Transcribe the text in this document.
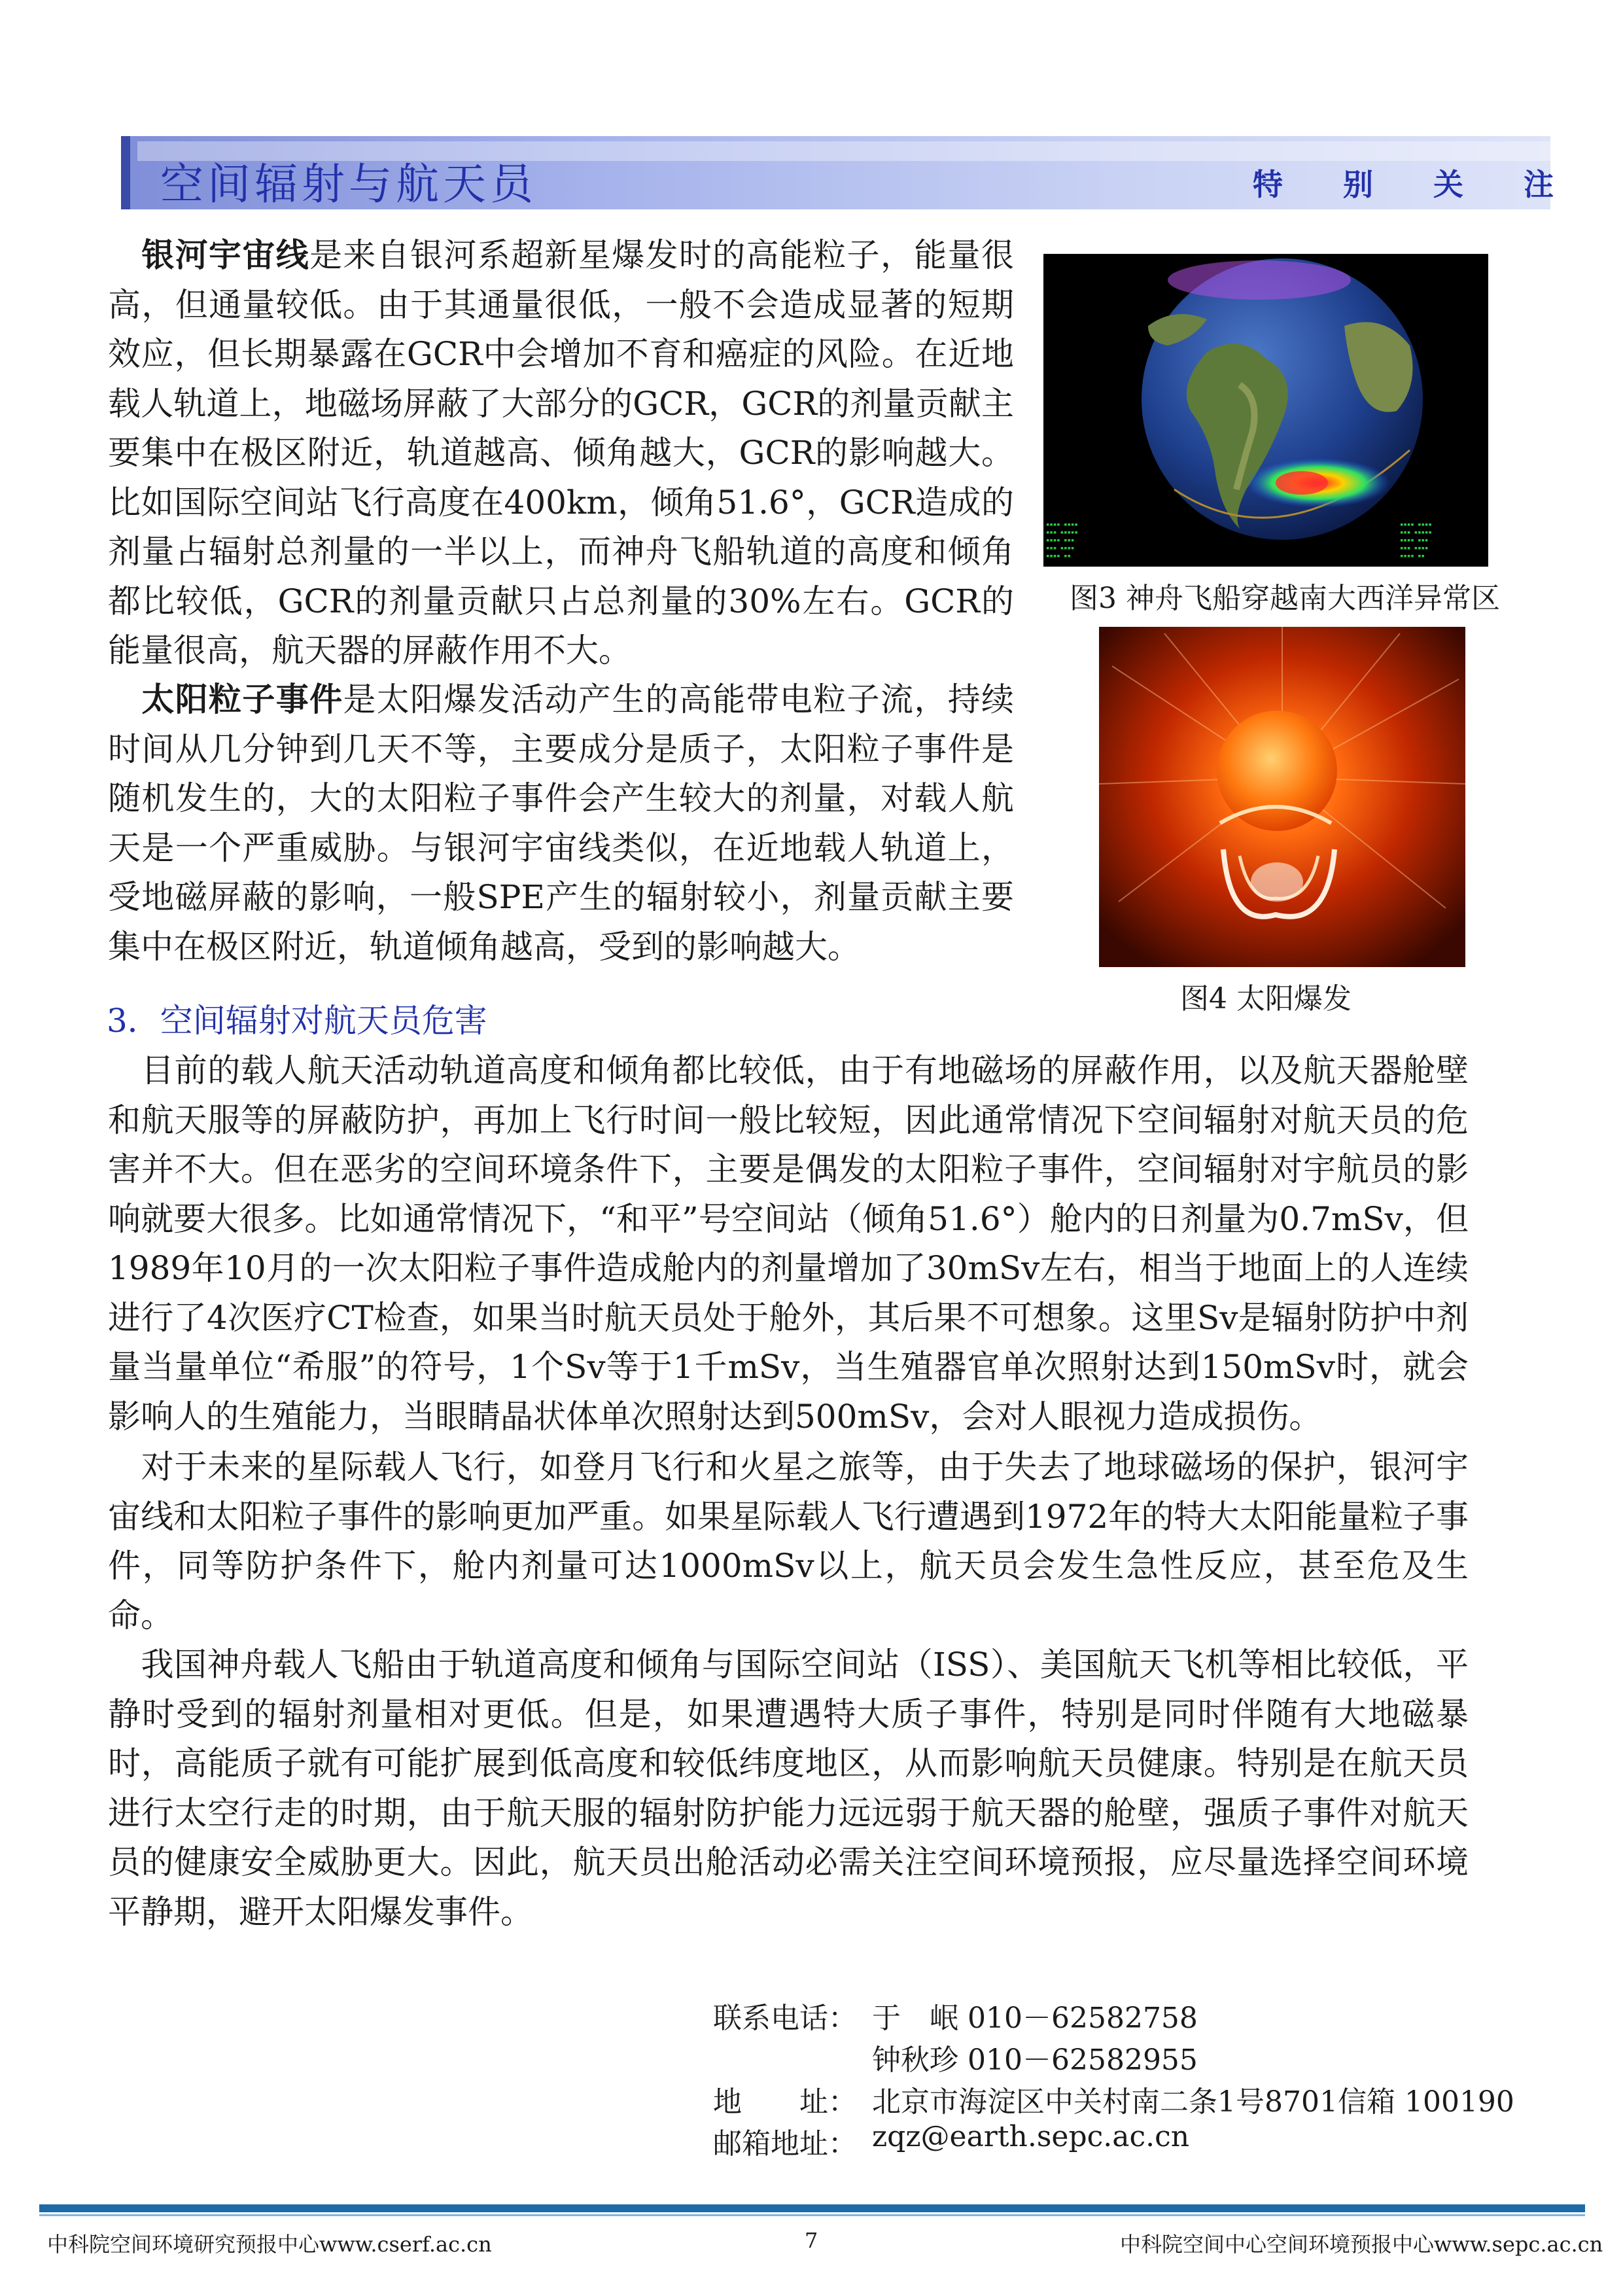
空间辐射与航天员	特 别 关 注

 银河宇宙线是来自银河系超新星爆发时的高能粒子，能量很高，但通量较低。由于其通量很低，一般不会造成显著的短期效应，但长期暴露在GCR中会增加不育和癌症的风险。在近地载人轨道上，地磁场屏蔽了大部分的GCR，GCR的剂量贡献主要集中在极区附近，轨道越高、倾角越大，GCR的影响越大。比如国际空间站飞行高度在400km，倾角51.6°，GCR造成的剂量占辐射总剂量的一半以上，而神舟飞船轨道的高度和倾角都比较低，GCR的剂量贡献只占总剂量的30%左右。GCR的能量很高，航天器的屏蔽作用不大。

 太阳粒子事件是太阳爆发活动产生的高能带电粒子流，持续时间从几分钟到几天不等，主要成分是质子，太阳粒子事件是随机发生的，大的太阳粒子事件会产生较大的剂量，对载人航天是一个严重威胁。与银河宇宙线类似，在近地载人轨道上，受地磁屏蔽的影响，一般SPE产生的辐射较小，剂量贡献主要集中在极区附近，轨道倾角越高，受到的影响越大。

▪▪▪▪ ▪▪▪▪
▪▪▪ ▪▪▪▪▪
▪▪▪▪ ▪▪▪
▪▪▪ ▪▪▪▪
▪▪▪▪ ▪▪
▪▪▪▪ ▪▪▪▪
▪▪▪ ▪▪▪▪▪
▪▪▪▪ ▪▪▪
▪▪▪ ▪▪▪▪
▪▪▪▪ ▪▪
图3 神舟飞船穿越南大西洋异常区
图4 太阳爆发
3．空间辐射对航天员危害

 目前的载人航天活动轨道高度和倾角都比较低，由于有地磁场的屏蔽作用，以及航天器舱壁和航天服等的屏蔽防护，再加上飞行时间一般比较短，因此通常情况下空间辐射对航天员的危害并不大。但在恶劣的空间环境条件下，主要是偶发的太阳粒子事件，空间辐射对宇航员的影响就要大很多。比如通常情况下，“和平”号空间站（倾角51.6°）舱内的日剂量为0.7mSv，但1989年10月的一次太阳粒子事件造成舱内的剂量增加了30mSv左右，相当于地面上的人连续进行了4次医疗CT检查，如果当时航天员处于舱外，其后果不可想象。这里Sv是辐射防护中剂量当量单位“希服”的符号，1个Sv等于1千mSv，当生殖器官单次照射达到150mSv时，就会影响人的生殖能力，当眼睛晶状体单次照射达到500mSv，会对人眼视力造成损伤。

 对于未来的星际载人飞行，如登月飞行和火星之旅等，由于失去了地球磁场的保护，银河宇宙线和太阳粒子事件的影响更加严重。如果星际载人飞行遭遇到1972年的特大太阳能量粒子事件，同等防护条件下，舱内剂量可达1000mSv以上，航天员会发生急性反应，甚至危及生命。

 我国神舟载人飞船由于轨道高度和倾角与国际空间站（ISS）、美国航天飞机等相比较低，平静时受到的辐射剂量相对更低。但是，如果遭遇特大质子事件，特别是同时伴随有大地磁暴时，高能质子就有可能扩展到低高度和较低纬度地区，从而影响航天员健康。特别是在航天员进行太空行走的时期，由于航天服的辐射防护能力远远弱于航天器的舱壁，强质子事件对航天员的健康安全威胁更大。因此，航天员出舱活动必需关注空间环境预报，应尽量选择空间环境平静期，避开太阳爆发事件。

联系电话： 于　岷 010－62582758
钟秋珍 010－62582955
地　　址： 北京市海淀区中关村南二条1号8701信箱 100190
邮箱地址： zqz@earth.sepc.ac.cn
中科院空间环境研究预报中心www.cserf.ac.cn	7	中科院空间中心空间环境预报中心www.sepc.ac.cn
